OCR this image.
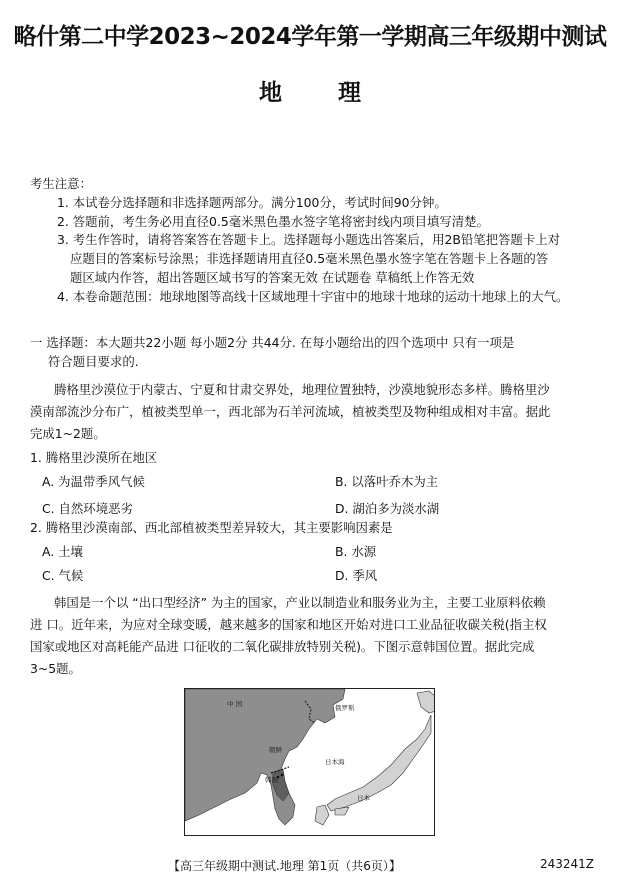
略什第二中学2023~2024学年第一学期高三年级期中测试
地 理
考生注意：
1. 本试卷分选择题和非选择题两部分。满分100分，考试时间90分钟。
2. 答题前，考生务必用直径0.5毫米黑色墨水签字笔将密封线内项目填写清楚。
3. 考生作答时，请将答案答在答题卡上。选择题每小题选出答案后，用2B铅笔把答题卡上对
应题目的答案标号涂黑；非选择题请用直径0.5毫米黑色墨水签字笔在答题卡上各题的答
题区域内作答，超出答题区域书写的答案无效 在试题卷 草稿纸上作答无效
4. 本卷命题范围：地球地图等高线十区域地理十宇宙中的地球十地球的运动十地球上的大气。
一 选择题：本大题共22小题 每小题2分 共44分. 在每小题给出的四个选项中 只有一项是
符合题目要求的.
腾格里沙漠位于内蒙古、宁夏和甘肃交界处，地理位置独特，沙漠地貌形态多样。腾格里沙
漠南部流沙分布广，植被类型单一，西北部为石羊河流域，植被类型及物种组成相对丰富。据此
完成1~2题。
1. 腾格里沙漠所在地区
A. 为温带季风气候	B. 以落叶乔木为主
C. 自然环境恶劣	D. 湖泊多为淡水湖
2. 腾格里沙漠南部、西北部植被类型差异较大，其主要影响因素是
A. 土壤	B. 水源
C. 气候	D. 季风
韩国是一个以 “出口型经济” 为主的国家，产业以制造业和服务业为主，主要工业原料依赖
进 口。近年来，为应对全球变暖，越来越多的国家和地区开始对进口工业品征收碳关税(指主权
国家或地区对高耗能产品进 口征收的二氧化碳排放特别关税)。下图示意韩国位置。据此完成
3~5题。
中 国	俄罗斯
朝鲜
韩国
日本海
日本
【高三年级期中测试.地理 第1页（共6页）】	243241Z
